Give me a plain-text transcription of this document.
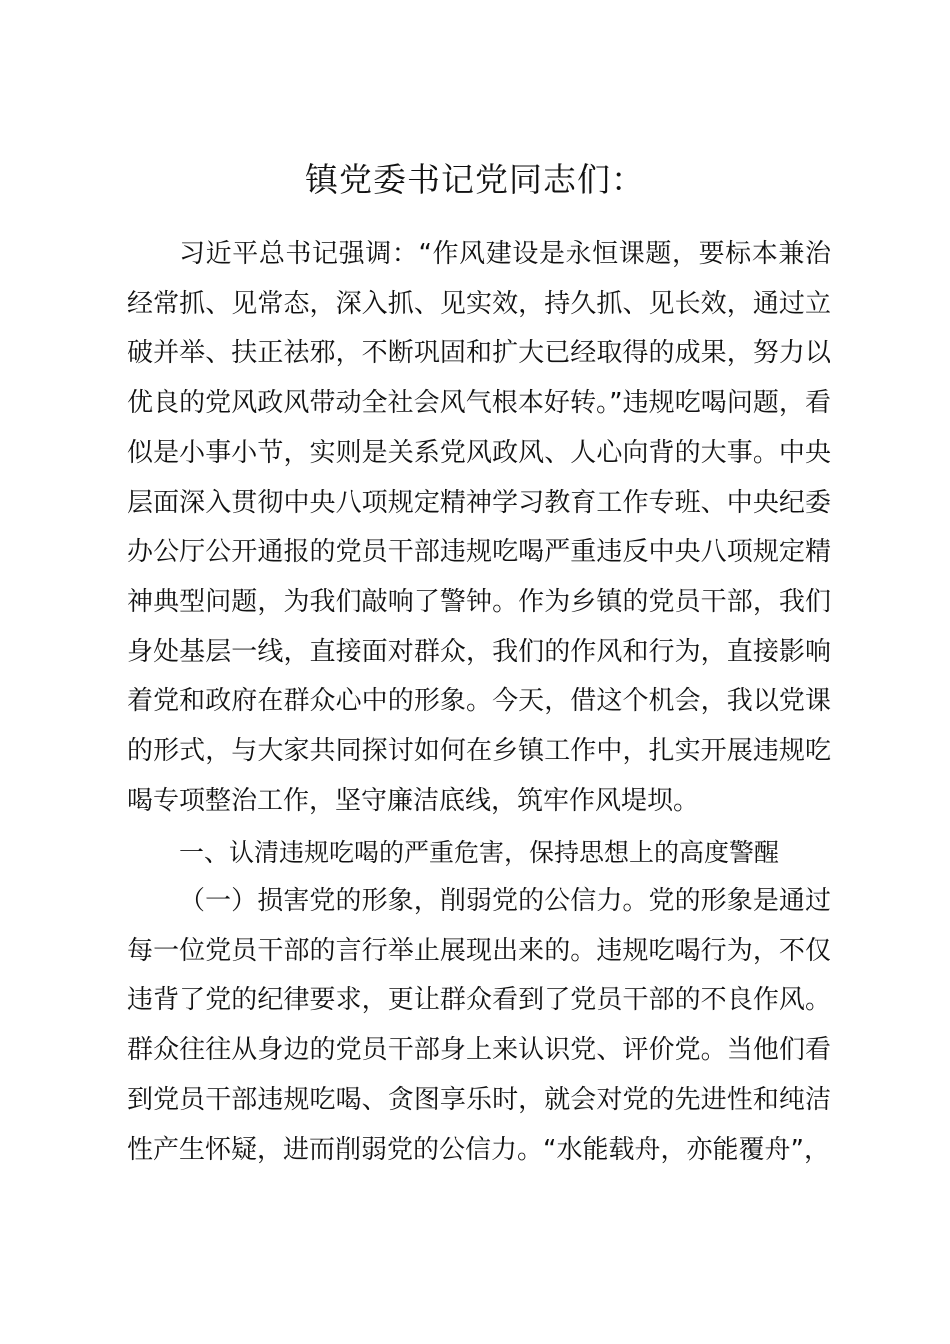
镇党委书记党同志们：

习近平总书记强调：“作风建设是永恒课题，要标本兼治经常抓、见常态，深入抓、见实效，持久抓、见长效，通过立破并举、扶正祛邪，不断巩固和扩大已经取得的成果，努力以优良的党风政风带动全社会风气根本好转。”违规吃喝问题，看似是小事小节，实则是关系党风政风、人心向背的大事。中央层面深入贯彻中央八项规定精神学习教育工作专班、中央纪委办公厅公开通报的党员干部违规吃喝严重违反中央八项规定精神典型问题，为我们敲响了警钟。作为乡镇的党员干部，我们身处基层一线，直接面对群众，我们的作风和行为，直接影响着党和政府在群众心中的形象。今天，借这个机会，我以党课的形式，与大家共同探讨如何在乡镇工作中，扎实开展违规吃喝专项整治工作，坚守廉洁底线，筑牢作风堤坝。

一、认清违规吃喝的严重危害，保持思想上的高度警醒

（一）损害党的形象，削弱党的公信力。党的形象是通过每一位党员干部的言行举止展现出来的。违规吃喝行为，不仅违背了党的纪律要求，更让群众看到了党员干部的不良作风。群众往往从身边的党员干部身上来认识党、评价党。当他们看到党员干部违规吃喝、贪图享乐时，就会对党的先进性和纯洁性产生怀疑，进而削弱党的公信力。“水能载舟，亦能覆舟”，
